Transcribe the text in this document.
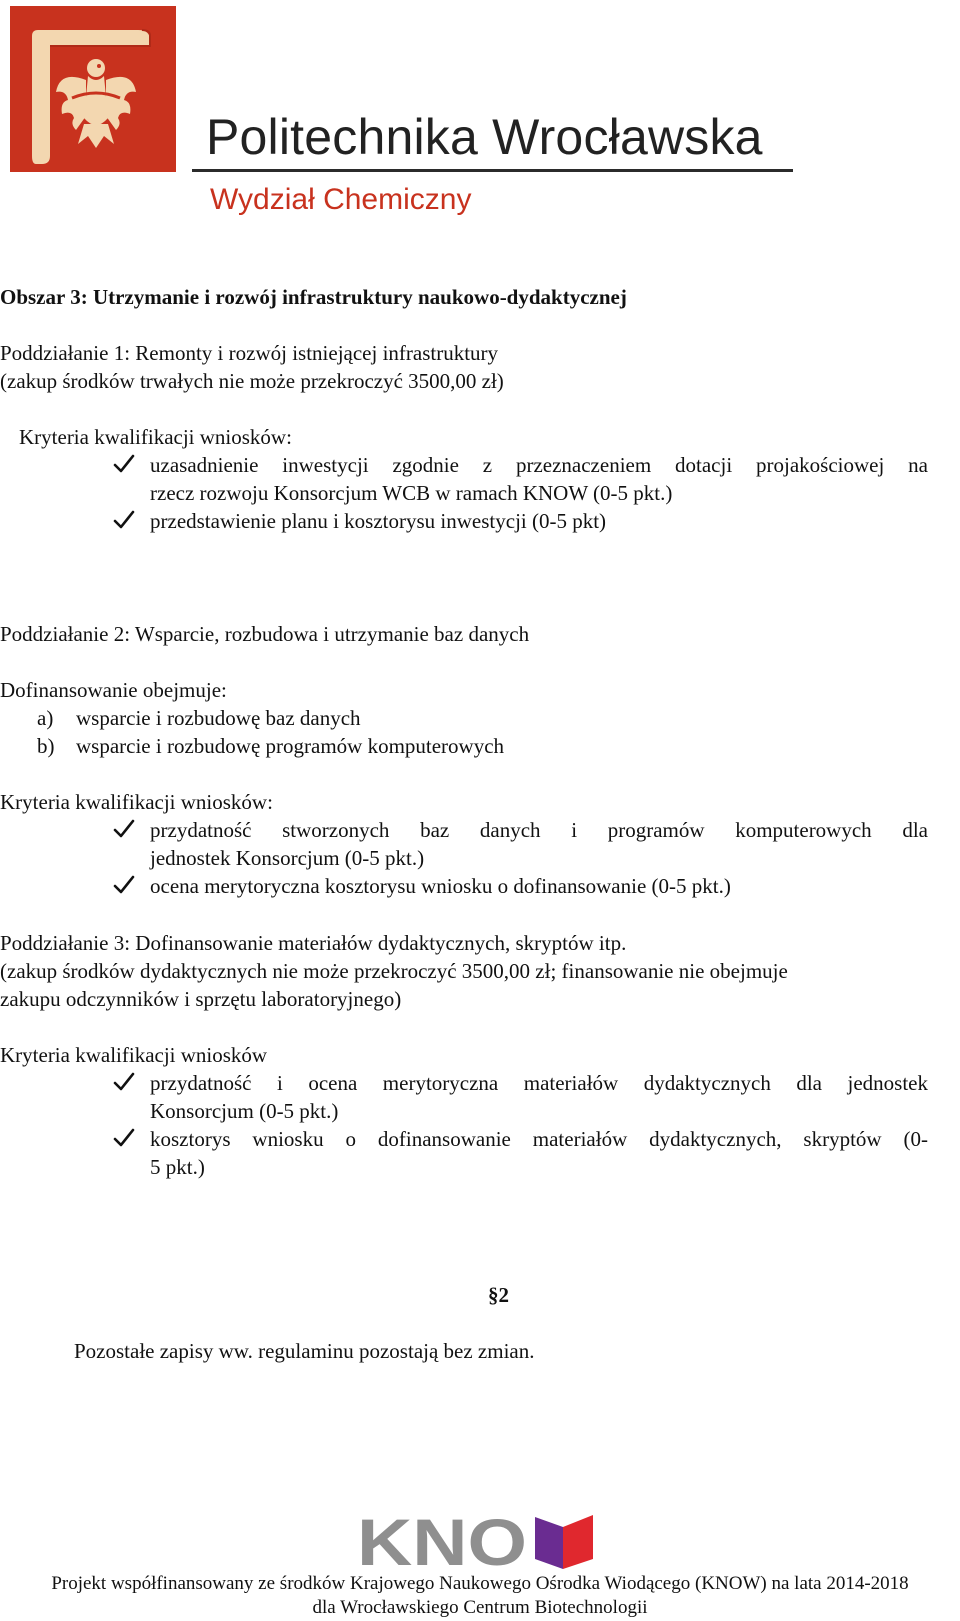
Politechnika Wrocławska
Wydział Chemiczny
Obszar 3: Utrzymanie i rozwój infrastruktury naukowo-dydaktycznej
Poddziałanie 1: Remonty i rozwój istniejącej infrastruktury
(zakup środków trwałych nie może przekroczyć 3500,00 zł)
Kryteria kwalifikacji wniosków:
uzasadnienie inwestycji zgodnie z przeznaczeniem dotacji projakościowej na
rzecz rozwoju Konsorcjum WCB w ramach KNOW (0-5 pkt.)
przedstawienie planu i kosztorysu inwestycji (0-5 pkt)
Poddziałanie 2: Wsparcie, rozbudowa i utrzymanie baz danych
Dofinansowanie obejmuje:
a) wsparcie i rozbudowę baz danych
b) wsparcie i rozbudowę programów komputerowych
Kryteria kwalifikacji wniosków:
przydatność stworzonych baz danych i programów komputerowych dla
jednostek Konsorcjum (0-5 pkt.)
ocena merytoryczna kosztorysu wniosku o dofinansowanie (0-5 pkt.)
Poddziałanie 3: Dofinansowanie materiałów dydaktycznych, skryptów itp.
(zakup środków dydaktycznych nie może przekroczyć 3500,00 zł; finansowanie nie obejmuje
zakupu odczynników i sprzętu laboratoryjnego)
Kryteria kwalifikacji wniosków
przydatność i ocena merytoryczna materiałów dydaktycznych dla jednostek
Konsorcjum (0-5 pkt.)
kosztorys wniosku o dofinansowanie materiałów dydaktycznych, skryptów (0-
5 pkt.)
§2
Pozostałe zapisy ww. regulaminu pozostają bez zmian.
KNO
Projekt współfinansowany ze środków Krajowego Naukowego Ośrodka Wiodącego (KNOW) na lata 2014-2018
dla Wrocławskiego Centrum Biotechnologii
